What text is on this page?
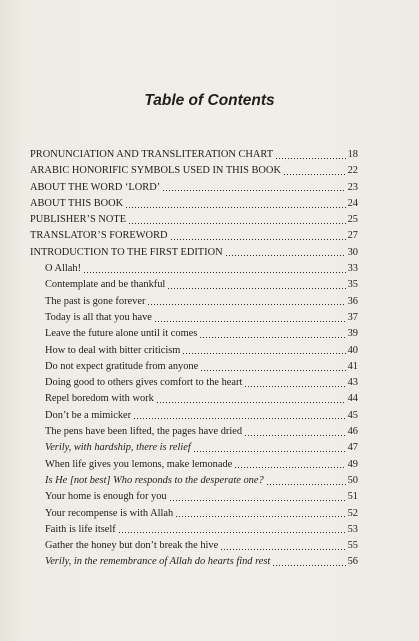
Table of Contents
PRONUNCIATION AND TRANSLITERATION CHART	18
ARABIC HONORIFIC SYMBOLS USED IN THIS BOOK	22
ABOUT THE WORD ‘LORD’	23
ABOUT THIS BOOK	24
PUBLISHER’S NOTE	25
TRANSLATOR’S FOREWORD	27
INTRODUCTION TO THE FIRST EDITION	30
O Allah!	33
Contemplate and be thankful	35
The past is gone forever	36
Today is all that you have	37
Leave the future alone until it comes	39
How to deal with bitter criticism	40
Do not expect gratitude from anyone	41
Doing good to others gives comfort to the heart	43
Repel boredom with work	44
Don’t be a mimicker	45
The pens have been lifted, the pages have dried	46
Verily, with hardship, there is relief	47
When life gives you lemons, make lemonade	49
Is He [not best] Who responds to the desperate one?	50
Your home is enough for you	51
Your recompense is with Allah	52
Faith is life itself	53
Gather the honey but don’t break the hive	55
Verily, in the remembrance of Allah do hearts find rest	56
